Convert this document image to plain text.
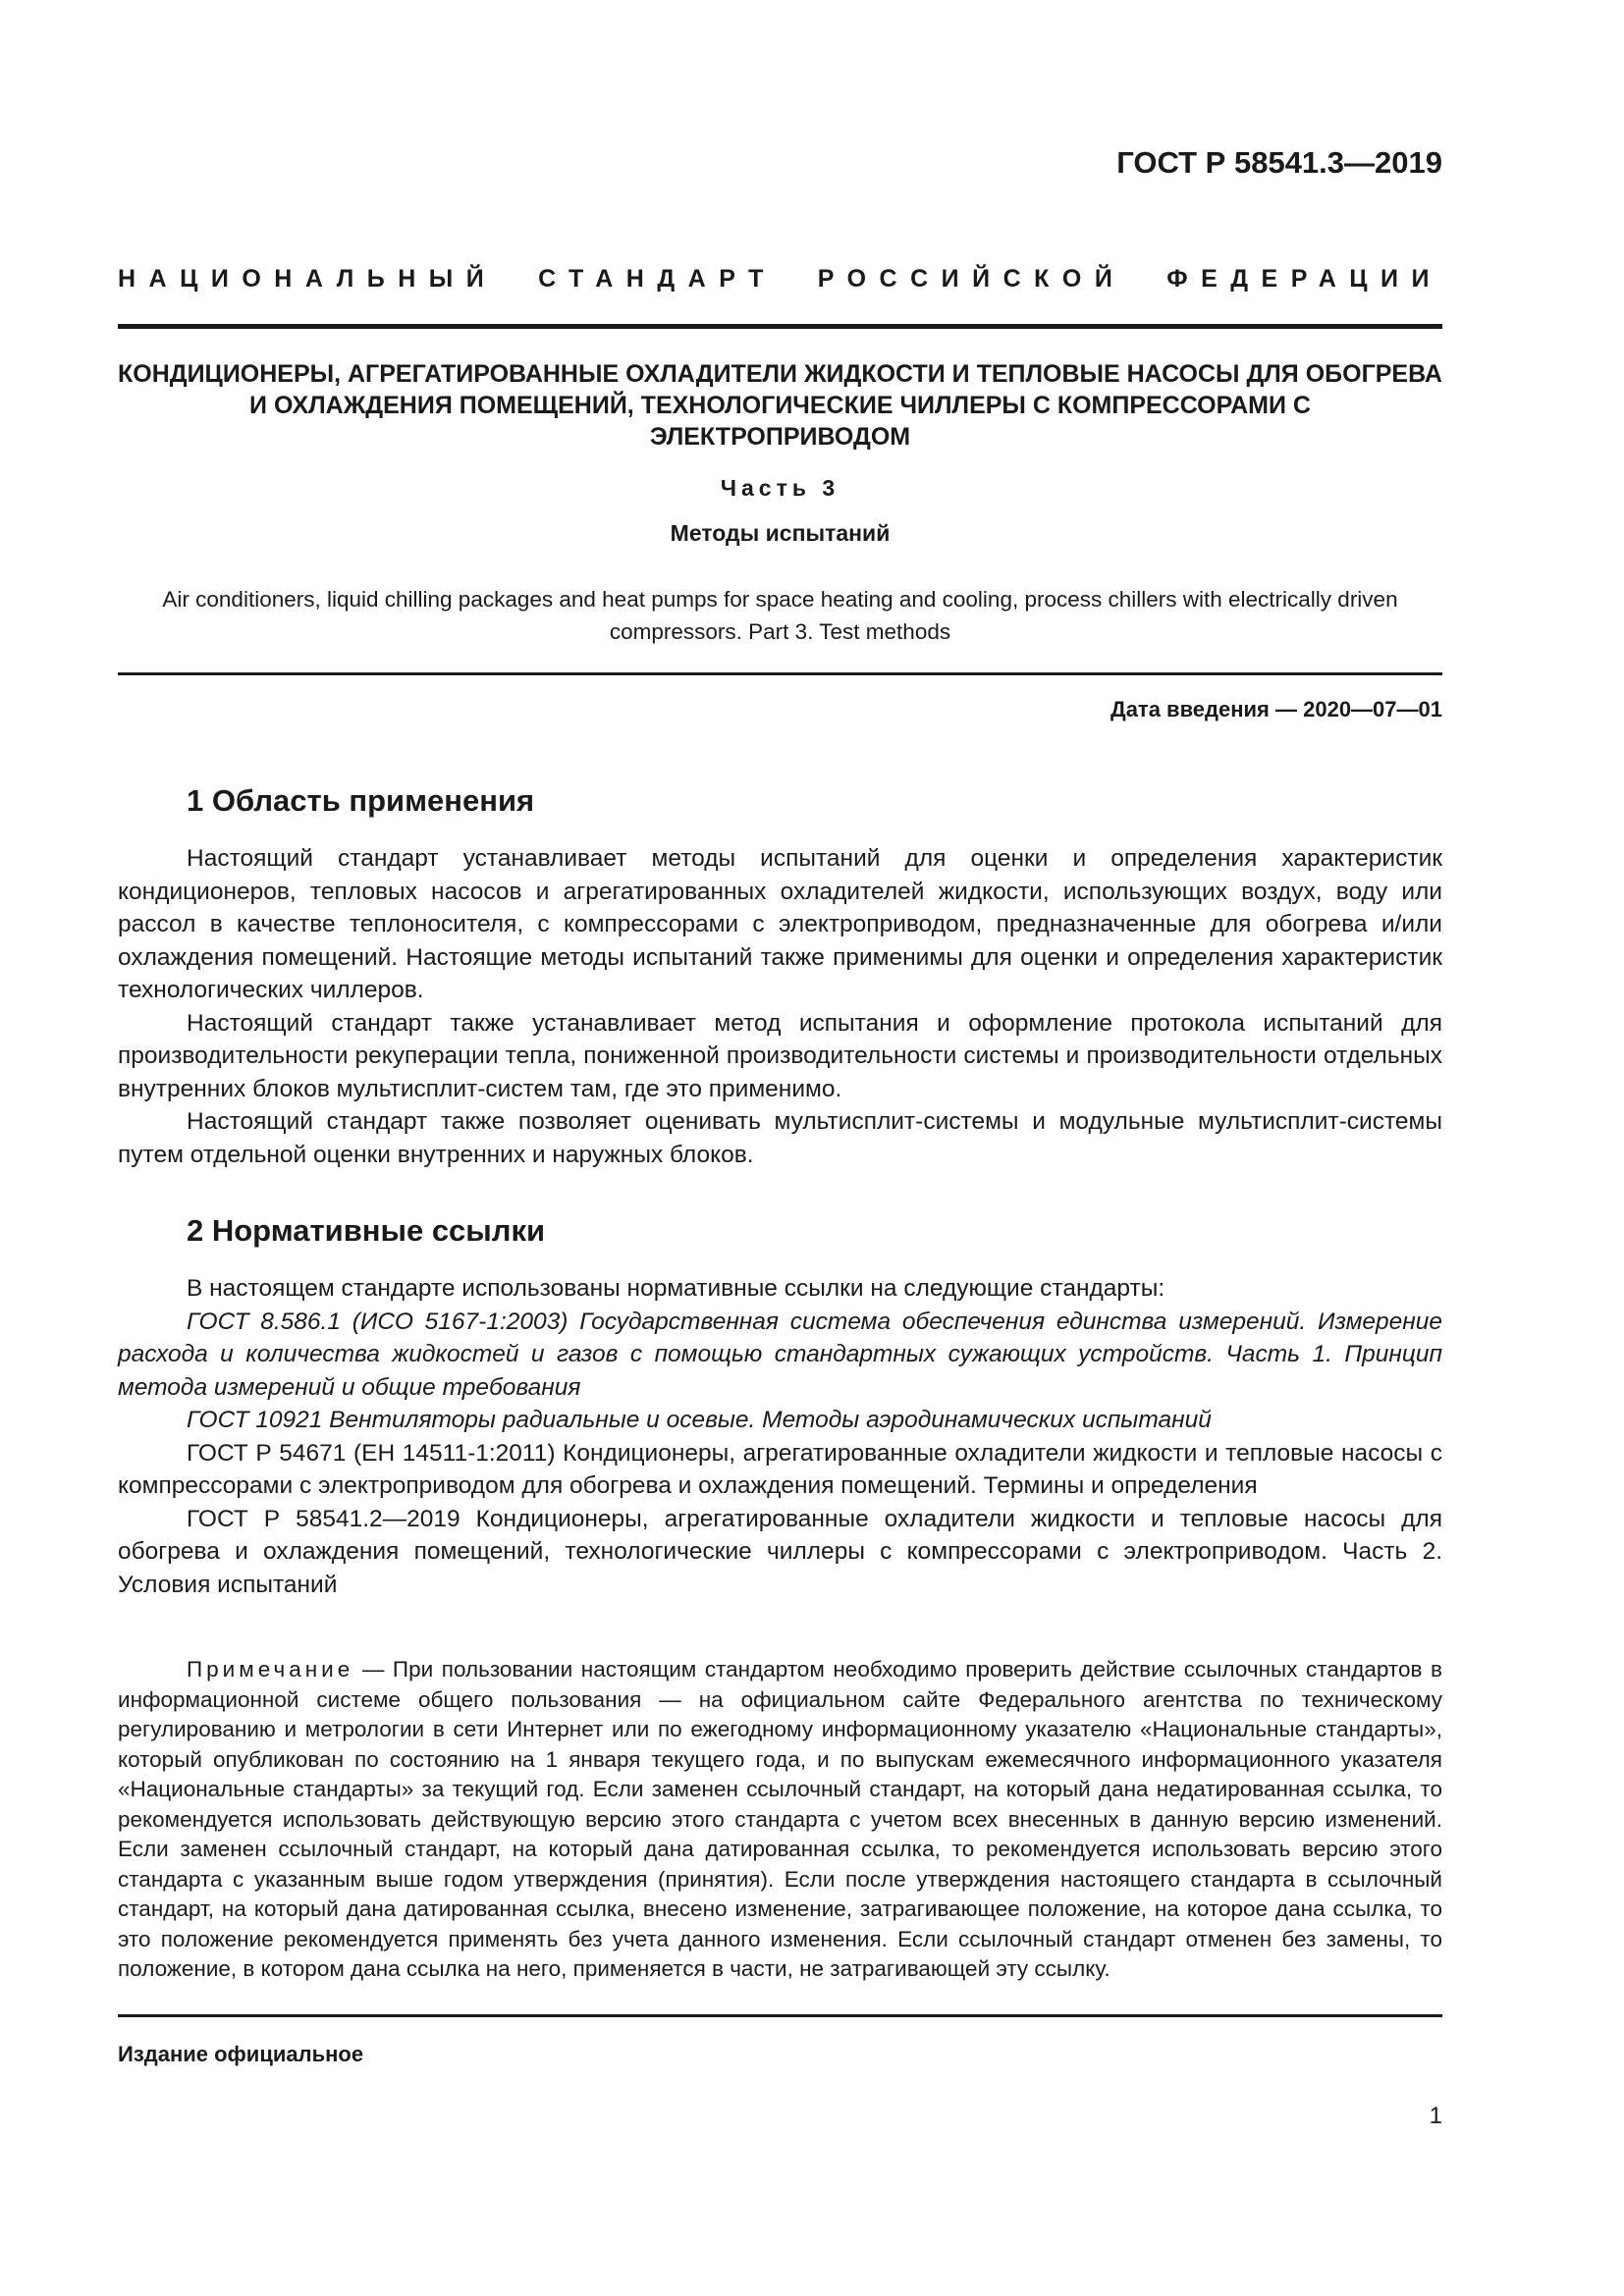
ГОСТ Р 58541.3—2019
НАЦИОНАЛЬНЫЙ СТАНДАРТ РОССИЙСКОЙ ФЕДЕРАЦИИ
КОНДИЦИОНЕРЫ, АГРЕГАТИРОВАННЫЕ ОХЛАДИТЕЛИ ЖИДКОСТИ И ТЕПЛОВЫЕ НАСОСЫ ДЛЯ ОБОГРЕВА И ОХЛАЖДЕНИЯ ПОМЕЩЕНИЙ, ТЕХНОЛОГИЧЕСКИЕ ЧИЛЛЕРЫ С КОМПРЕССОРАМИ С ЭЛЕКТРОПРИВОДОМ
Часть 3
Методы испытаний
Air conditioners, liquid chilling packages and heat pumps for space heating and cooling, process chillers with electrically driven compressors. Part 3. Test methods
Дата введения — 2020—07—01
1 Область применения

Настоящий стандарт устанавливает методы испытаний для оценки и определения характеристик кондиционеров, тепловых насосов и агрегатированных охладителей жидкости, использующих воздух, воду или рассол в качестве теплоносителя, с компрессорами с электроприводом, предназначенные для обогрева и/или охлаждения помещений. Настоящие методы испытаний также применимы для оценки и определения характеристик технологических чиллеров.

Настоящий стандарт также устанавливает метод испытания и оформление протокола испытаний для производительности рекуперации тепла, пониженной производительности системы и производительности отдельных внутренних блоков мультисплит-систем там, где это применимо.

Настоящий стандарт также позволяет оценивать мультисплит-системы и модульные мультисплит-системы путем отдельной оценки внутренних и наружных блоков.

2 Нормативные ссылки

В настоящем стандарте использованы нормативные ссылки на следующие стандарты:

ГОСТ 8.586.1 (ИСО 5167-1:2003) Государственная система обеспечения единства измерений. Измерение расхода и количества жидкостей и газов с помощью стандартных сужающих устройств. Часть 1. Принцип метода измерений и общие требования

ГОСТ 10921 Вентиляторы радиальные и осевые. Методы аэродинамических испытаний

ГОСТ Р 54671 (ЕН 14511-1:2011) Кондиционеры, агрегатированные охладители жидкости и тепловые насосы с компрессорами с электроприводом для обогрева и охлаждения помещений. Термины и определения

ГОСТ Р 58541.2—2019 Кондиционеры, агрегатированные охладители жидкости и тепловые насосы для обогрева и охлаждения помещений, технологические чиллеры с компрессорами с электроприводом. Часть 2. Условия испытаний

Примечание — При пользовании настоящим стандартом необходимо проверить действие ссылочных стандартов в информационной системе общего пользования — на официальном сайте Федерального агентства по техническому регулированию и метрологии в сети Интернет или по ежегодному информационному указателю «Национальные стандарты», который опубликован по состоянию на 1 января текущего года, и по выпускам ежемесячного информационного указателя «Национальные стандарты» за текущий год. Если заменен ссылочный стандарт, на который дана недатированная ссылка, то рекомендуется использовать действующую версию этого стандарта с учетом всех внесенных в данную версию изменений. Если заменен ссылочный стандарт, на который дана датированная ссылка, то рекомендуется использовать версию этого стандарта с указанным выше годом утверждения (принятия). Если после утверждения настоящего стандарта в ссылочный стандарт, на который дана датированная ссылка, внесено изменение, затрагивающее положение, на которое дана ссылка, то это положение рекомендуется применять без учета данного изменения. Если ссылочный стандарт отменен без замены, то положение, в котором дана ссылка на него, применяется в части, не затрагивающей эту ссылку.

Издание официальное
1
